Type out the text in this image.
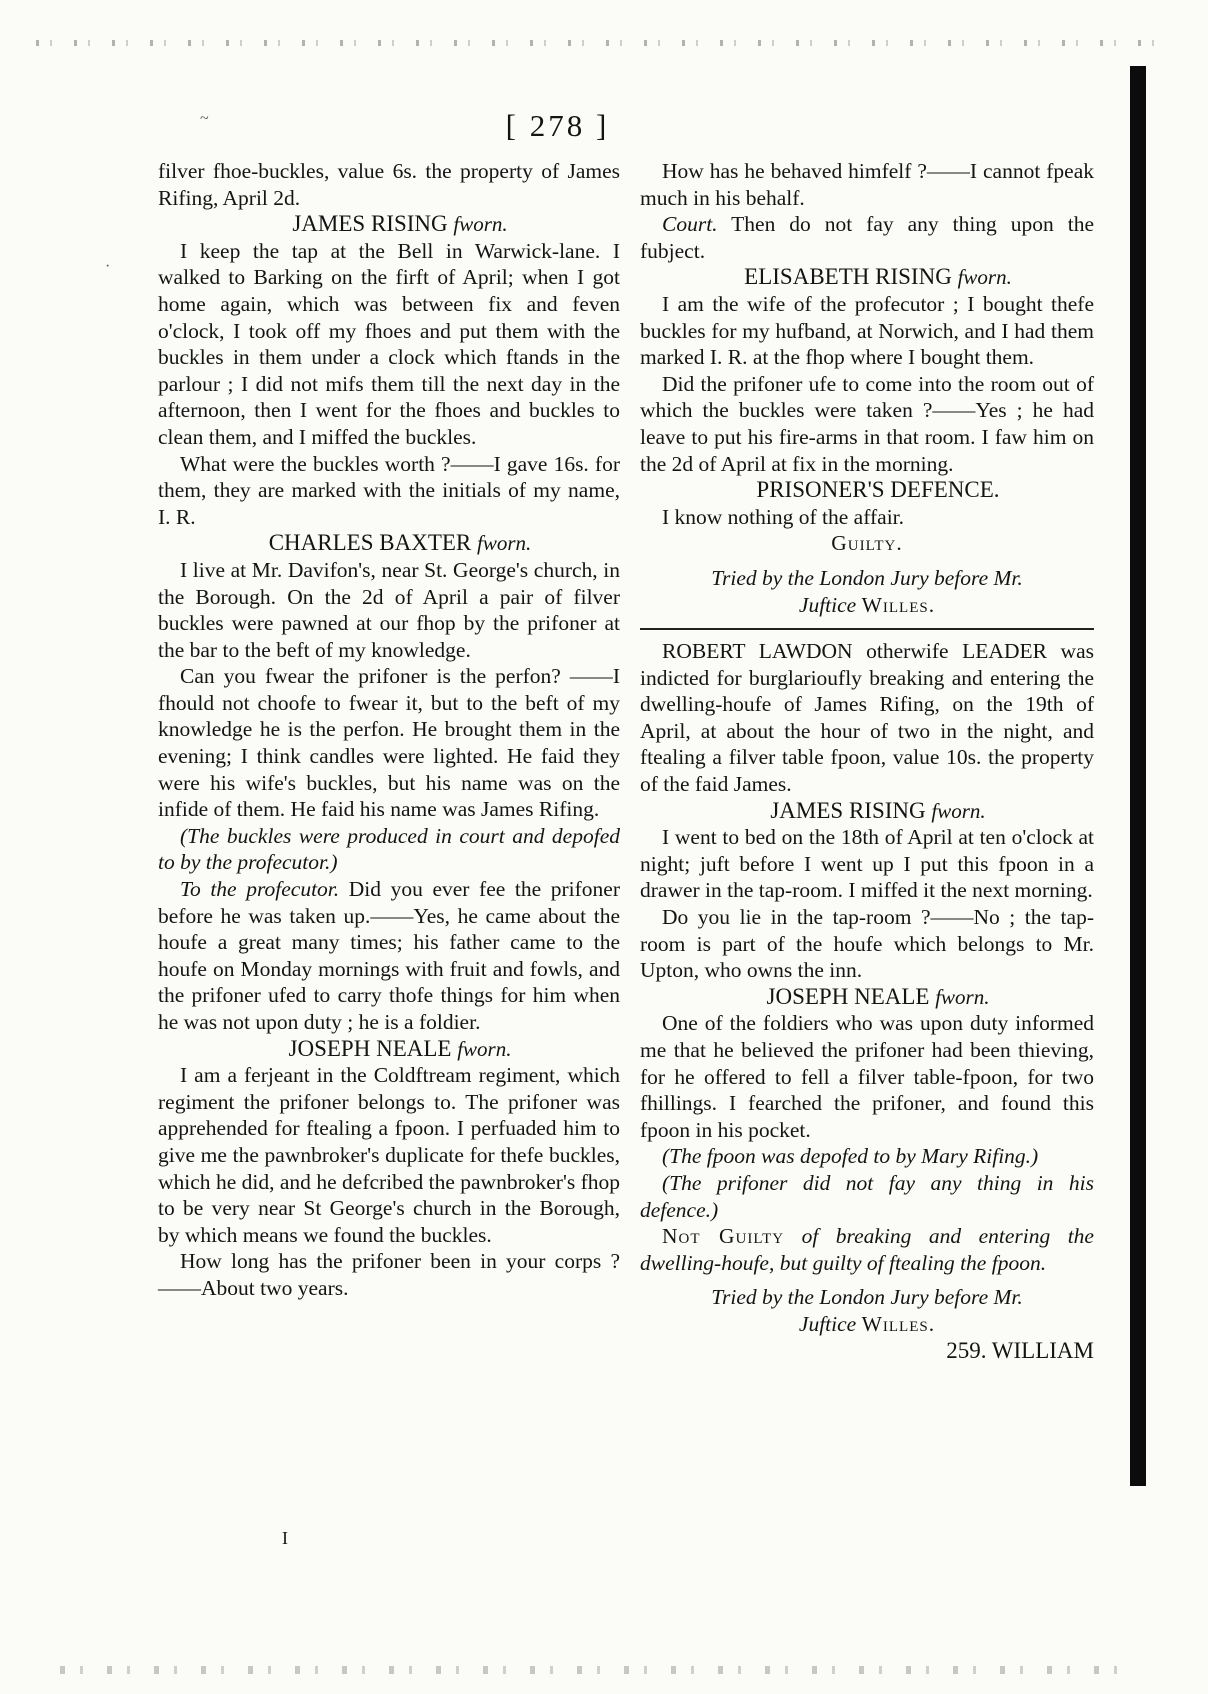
·
~	[ 278 ]

filver fhoe-buckles, value 6s. the property of James Rifing, April 2d.

JAMES RISING fworn.

I keep the tap at the Bell in Warwick-lane. I walked to Barking on the firft of April; when I got home again, which was between fix and feven o'clock, I took off my fhoes and put them with the buckles in them under a clock which ftands in the parlour ; I did not mifs them till the next day in the afternoon, then I went for the fhoes and buckles to clean them, and I miffed the buckles.

What were the buckles worth ?——I gave 16s. for them, they are marked with the initials of my name, I. R.

CHARLES BAXTER fworn.

I live at Mr. Davifon's, near St. George's church, in the Borough. On the 2d of April a pair of filver buckles were pawned at our fhop by the prifoner at the bar to the beft of my knowledge.

Can you fwear the prifoner is the perfon? ——I fhould not choofe to fwear it, but to the beft of my knowledge he is the perfon. He brought them in the evening; I think candles were lighted. He faid they were his wife's buckles, but his name was on the infide of them. He faid his name was James Rifing.

(The buckles were produced in court and depofed to by the profecutor.)

To the profecutor. Did you ever fee the prifoner before he was taken up.——Yes, he came about the houfe a great many times; his father came to the houfe on Monday mornings with fruit and fowls, and the prifoner ufed to carry thofe things for him when he was not upon duty ; he is a foldier.

JOSEPH NEALE fworn.

I am a ferjeant in the Coldftream regiment, which regiment the prifoner belongs to. The prifoner was apprehended for ftealing a fpoon. I perfuaded him to give me the pawnbroker's duplicate for thefe buckles, which he did, and he defcribed the pawnbroker's fhop to be very near St George's church in the Borough, by which means we found the buckles.

How long has the prifoner been in your corps ?——About two years.

How has he behaved himfelf ?——I cannot fpeak much in his behalf.

Court. Then do not fay any thing upon the fubject.

ELISABETH RISING fworn.

I am the wife of the profecutor ; I bought thefe buckles for my hufband, at Norwich, and I had them marked I. R. at the fhop where I bought them.

Did the prifoner ufe to come into the room out of which the buckles were taken ?——Yes ; he had leave to put his fire-arms in that room. I faw him on the 2d of April at fix in the morning.

PRISONER'S DEFENCE.

I know nothing of the affair.

Guilty.

Tried by the London Jury before Mr.
Juftice Willes.

ROBERT LAWDON otherwife LEADER was indicted for burglarioufly breaking and entering the dwelling-houfe of James Rifing, on the 19th of April, at about the hour of two in the night, and ftealing a filver table fpoon, value 10s. the property of the faid James.

JAMES RISING fworn.

I went to bed on the 18th of April at ten o'clock at night; juft before I went up I put this fpoon in a drawer in the tap-room. I miffed it the next morning.

Do you lie in the tap-room ?——No ; the tap-room is part of the houfe which belongs to Mr. Upton, who owns the inn.

JOSEPH NEALE fworn.

One of the foldiers who was upon duty informed me that he believed the prifoner had been thieving, for he offered to fell a filver table-fpoon, for two fhillings. I fearched the prifoner, and found this fpoon in his pocket.

(The fpoon was depofed to by Mary Rifing.)

(The prifoner did not fay any thing in his defence.)

Not Guilty of breaking and entering the dwelling-houfe, but guilty of ftealing the fpoon.

Tried by the London Jury before Mr.
Juftice Willes.

259. WILLIAM

I
